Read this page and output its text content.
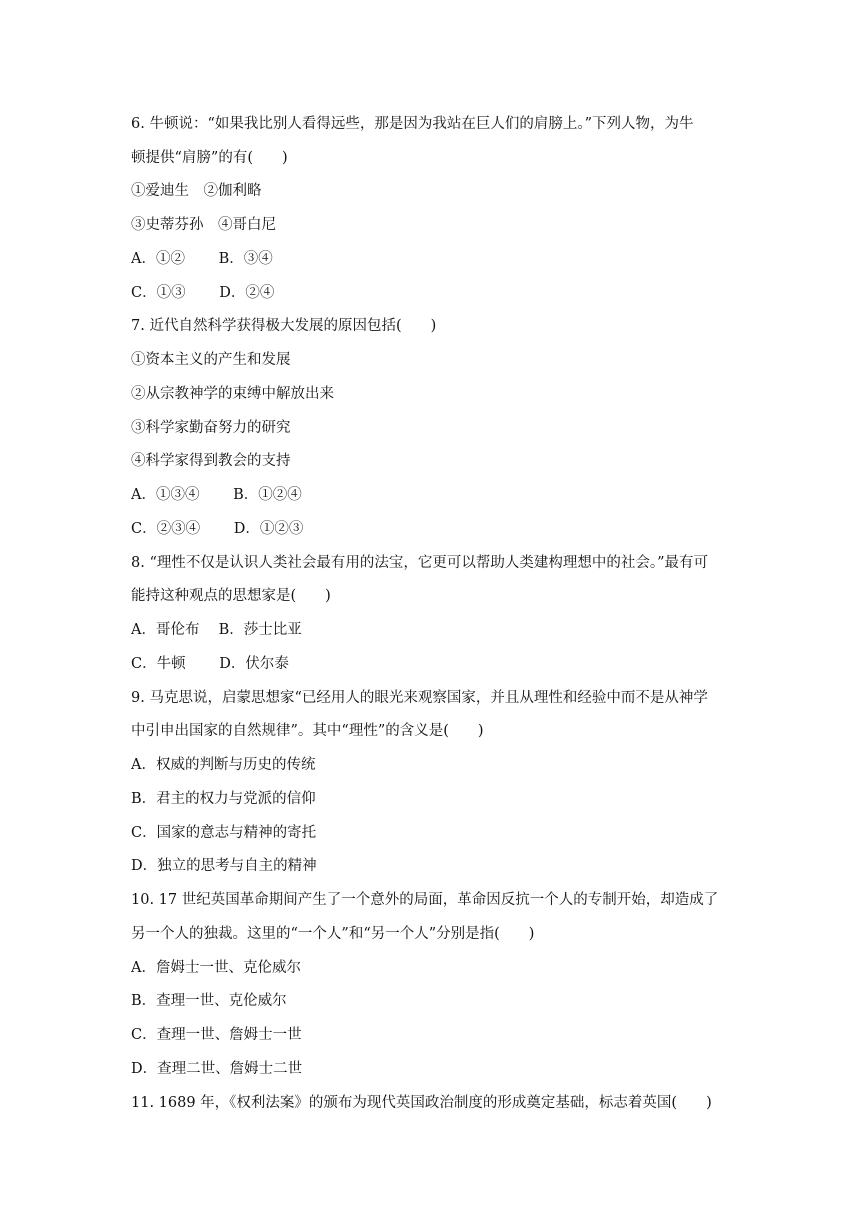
6. 牛顿说：“如果我比别人看得远些，那是因为我站在巨人们的肩膀上。”下列人物，为牛
顿提供“肩膀”的有(　　)
①爱迪生　②伽利略
③史蒂芬孙　④哥白尼
A．①②　　 B．③④
C．①③　　 D．②④
7. 近代自然科学获得极大发展的原因包括(　　)
①资本主义的产生和发展
②从宗教神学的束缚中解放出来
③科学家勤奋努力的研究
④科学家得到教会的支持
A．①③④　　 B．①②④
C．②③④　　 D．①②③
8. “理性不仅是认识人类社会最有用的法宝，它更可以帮助人类建构理想中的社会。”最有可
能持这种观点的思想家是(　　)
A．哥伦布　 B．莎士比亚
C．牛顿　　 D．伏尔泰
9. 马克思说，启蒙思想家“已经用人的眼光来观察国家，并且从理性和经验中而不是从神学
中引申出国家的自然规律”。其中“理性”的含义是(　　)
A．权威的判断与历史的传统
B．君主的权力与党派的信仰
C．国家的意志与精神的寄托
D．独立的思考与自主的精神
10. 17 世纪英国革命期间产生了一个意外的局面，革命因反抗一个人的专制开始，却造成了
另一个人的独裁。这里的“一个人”和“另一个人”分别是指(　　)
A．詹姆士一世、克伦威尔
B．查理一世、克伦威尔
C．查理一世、詹姆士一世
D．查理二世、詹姆士二世
11. 1689 年，《权利法案》的颁布为现代英国政治制度的形成奠定基础，标志着英国(　　)
